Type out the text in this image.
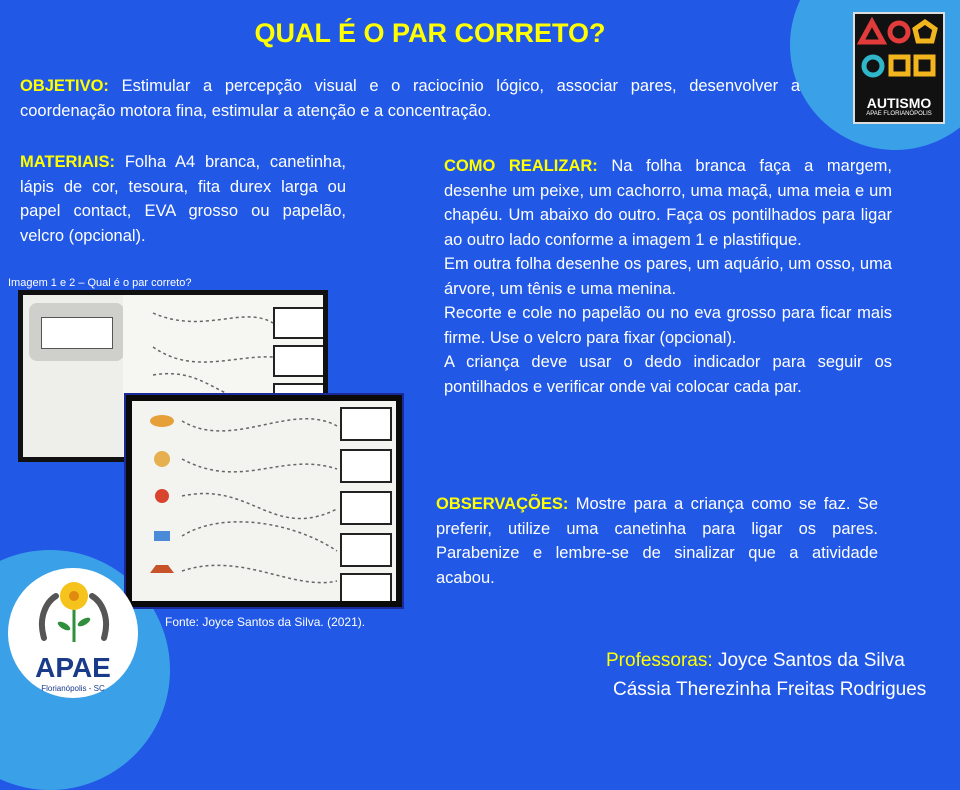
QUAL É O PAR CORRETO?
AUTISMO
APAE FLORIANÓPOLIS
OBJETIVO: Estimular a percepção visual e o raciocínio lógico, associar pares, desenvolver a coordenação motora fina, estimular a atenção e a concentração.
MATERIAIS: Folha A4 branca, canetinha, lápis de cor, tesoura, fita durex larga ou papel contact, EVA grosso ou papelão, velcro (opcional).
COMO REALIZAR: Na folha branca faça a margem, desenhe um peixe, um cachorro, uma maçã, uma meia e um chapéu. Um abaixo do outro. Faça os pontilhados para ligar ao outro lado conforme a imagem 1 e plastifique.
Em outra folha desenhe os pares, um aquário, um osso, uma árvore, um tênis e uma menina.
Recorte e cole no papelão ou no eva grosso para ficar mais firme. Use o velcro para fixar (opcional).
A criança deve usar o dedo indicador para seguir os pontilhados e verificar onde vai colocar cada par.
Imagem 1 e 2 – Qual é o par correto?
Fonte: Joyce Santos da Silva. (2021).
OBSERVAÇÕES: Mostre para a criança como se faz. Se preferir, utilize uma canetinha para ligar os pares. Parabenize e lembre-se de sinalizar que a atividade acabou.
APAE
Florianópolis - SC
Professoras: Joyce Santos da Silva
Cássia Therezinha Freitas Rodrigues
